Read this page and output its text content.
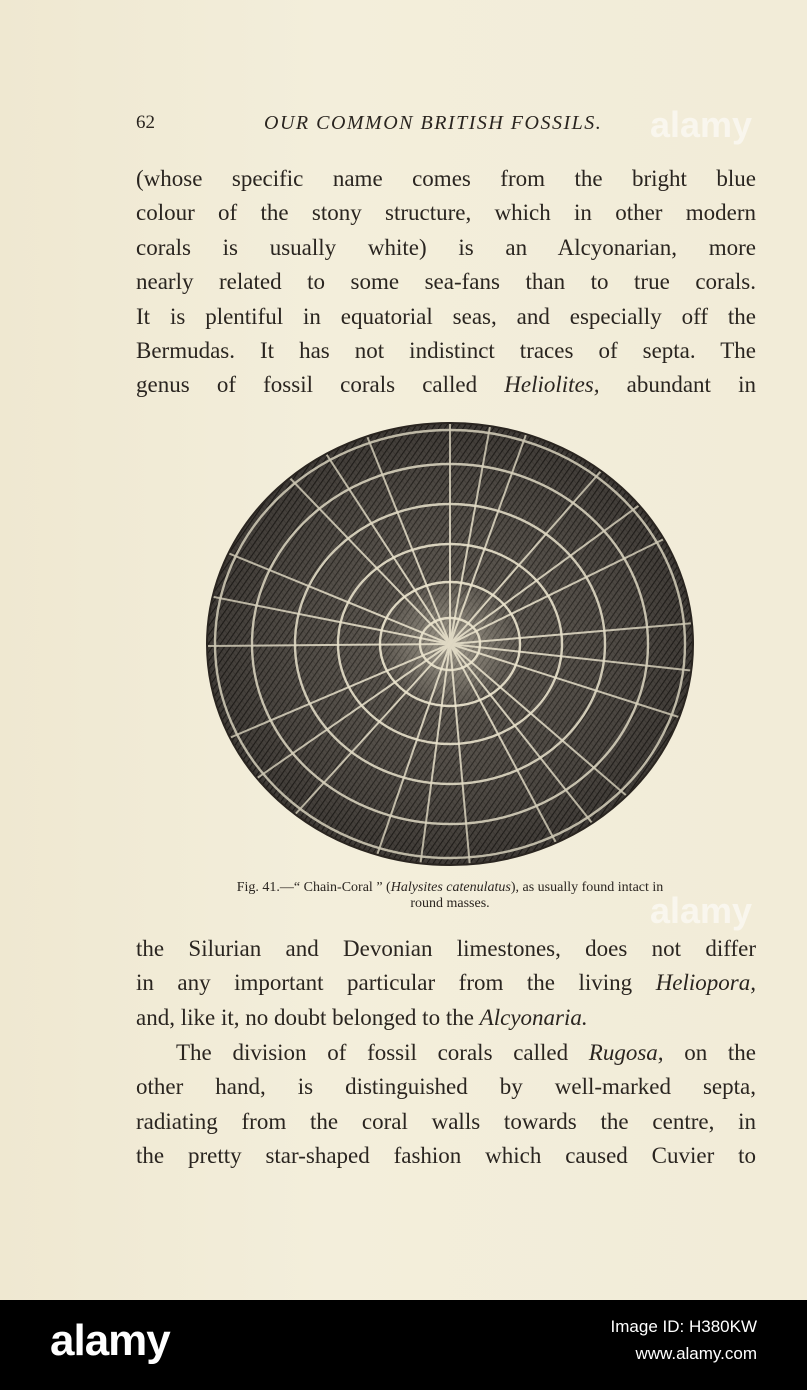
62	OUR COMMON BRITISH FOSSILS.
(whose specific name comes from the bright blue
colour of the stony structure, which in other modern
corals is usually white) is an Alcyonarian, more
nearly related to some sea-fans than to true corals.
It is plentiful in equatorial seas, and especially off the
Bermudas. It has not indistinct traces of septa. The
genus of fossil corals called Heliolites, abundant in
Fig. 41.—“ Chain-Coral ” (Halysites catenulatus), as usually found intact in
round masses.
the Silurian and Devonian limestones, does not differ
in any important particular from the living Heliopora,
and, like it, no doubt belonged to the Alcyonaria.
The division of fossil corals called Rugosa, on the
other hand, is distinguished by well-marked septa,
radiating from the coral walls towards the centre, in
the pretty star-shaped fashion which caused Cuvier to
alamy
alamy
alamy	Image ID: H380KW
www.alamy.com
